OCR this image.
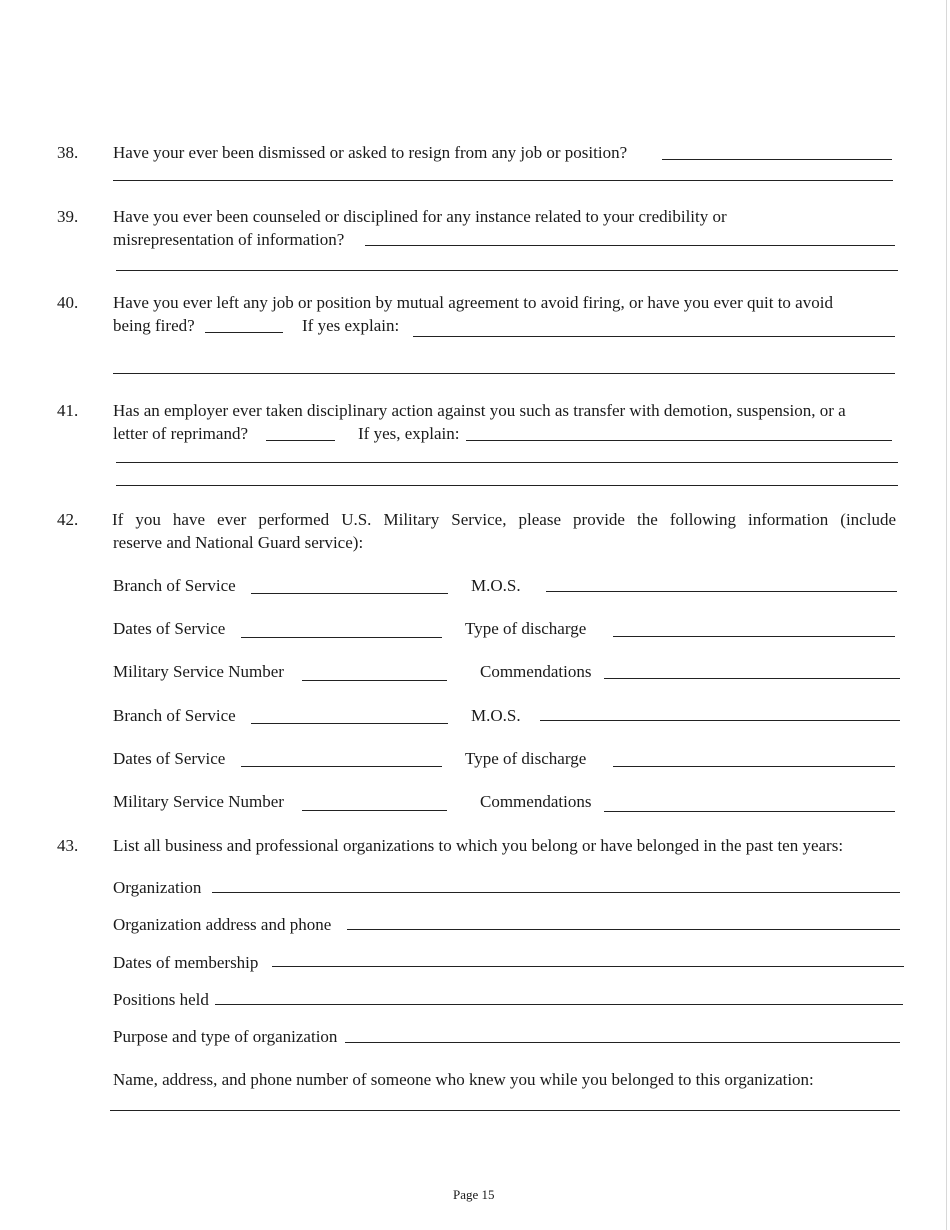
38. Have your ever been dismissed or asked to resign from any job or position?
39. Have you ever been counseled or disciplined for any instance related to your credibility or
misrepresentation of information?
40. Have you ever left any job or position by mutual agreement to avoid firing, or have you ever quit to avoid
being fired?	If yes explain:
41. Has an employer ever taken disciplinary action against you such as transfer with demotion, suspension, or a
letter of reprimand?	If yes, explain:
42. If you have ever performed U.S. Military Service, please provide the following information (include
reserve and National Guard service):
Branch of Service	M.O.S.
Dates of Service	Type of discharge
Military Service Number	Commendations
Branch of Service	M.O.S.
Dates of Service	Type of discharge
Military Service Number	Commendations
43. List all business and professional organizations to which you belong or have belonged in the past ten years:
Organization
Organization address and phone
Dates of membership
Positions held
Purpose and type of organization
Name, address, and phone number of someone who knew you while you belonged to this organization:
Page 15
